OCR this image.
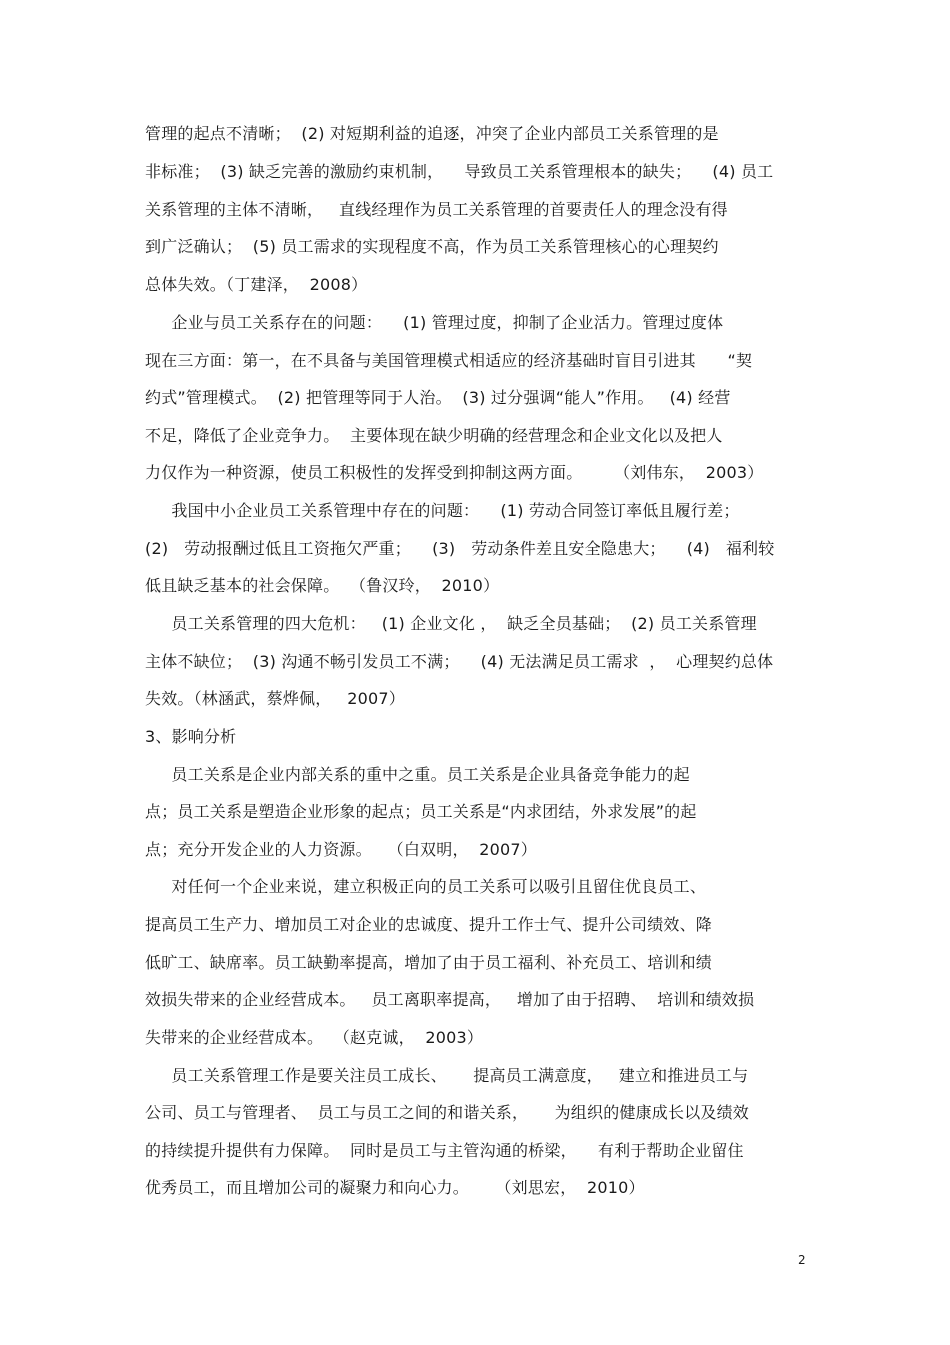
管理的起点不清晰；  (2) 对短期利益的追逐，冲突了企业内部员工关系管理的是
非标准；  (3) 缺乏完善的激励约束机制，    导致员工关系管理根本的缺失；    (4) 员工
关系管理的主体不清晰，   直线经理作为员工关系管理的首要责任人的理念没有得
到广泛确认；  (5) 员工需求的实现程度不高，作为员工关系管理核心的心理契约
总体失效。（丁建泽，  2008）
企业与员工关系存在的问题：    (1) 管理过度，抑制了企业活力。管理过度体
现在三方面：第一，在不具备与美国管理模式相适应的经济基础时盲目引进其      “契
约式”管理模式。  (2) 把管理等同于人治。  (3) 过分强调“能人”作用。   (4) 经营
不足，降低了企业竞争力。  主要体现在缺少明确的经营理念和企业文化以及把人
力仅作为一种资源，使员工积极性的发挥受到抑制这两方面。      （刘伟东，  2003）
我国中小企业员工关系管理中存在的问题：    (1) 劳动合同签订率低且履行差；
(2)   劳动报酬过低且工资拖欠严重；    (3)   劳动条件差且安全隐患大；    (4)   福利较
低且缺乏基本的社会保障。  （鲁汉玲，  2010）
员工关系管理的四大危机：   (1) 企业文化 ，  缺乏全员基础；  (2) 员工关系管理
主体不缺位；  (3) 沟通不畅引发员工不满；    (4) 无法满足员工需求  ，  心理契约总体
失效。（林涵武，蔡烨佩，   2007）
3、影响分析
员工关系是企业内部关系的重中之重。员工关系是企业具备竞争能力的起
点；员工关系是塑造企业形象的起点；员工关系是“内求团结，外求发展”的起
点；充分开发企业的人力资源。   （白双明，  2007）
对任何一个企业来说，建立积极正向的员工关系可以吸引且留住优良员工、
提高员工生产力、增加员工对企业的忠诚度、提升工作士气、提升公司绩效、降
低旷工、缺席率。员工缺勤率提高，增加了由于员工福利、补充员工、培训和绩
效损失带来的企业经营成本。   员工离职率提高，   增加了由于招聘、  培训和绩效损
失带来的企业经营成本。  （赵克诚，  2003）
员工关系管理工作是要关注员工成长、     提高员工满意度，   建立和推进员工与
公司、员工与管理者、  员工与员工之间的和谐关系，     为组织的健康成长以及绩效
的持续提升提供有力保障。  同时是员工与主管沟通的桥梁，    有利于帮助企业留住
优秀员工，而且增加公司的凝聚力和向心力。     （刘思宏，  2010）
2
